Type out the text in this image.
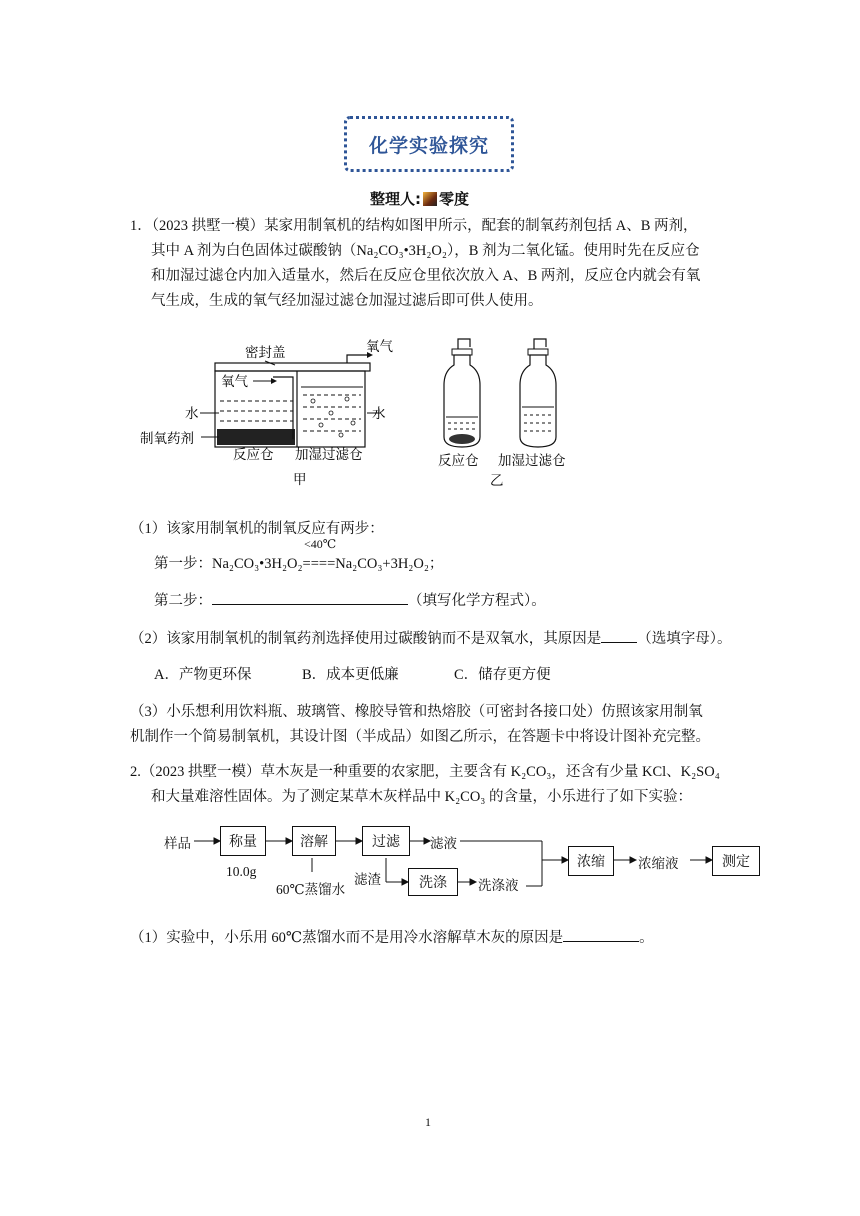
化学实验探究
整理人: 零度
1．（2023 拱墅一模）某家用制氧机的结构如图甲所示，配套的制氧药剂包括 A、B 两剂，
其中 A 剂为白色固体过碳酸钠（Na₂CO₃•3H₂O₂），B 剂为二氧化锰。使用时先在反应仓
和加湿过滤仓内加入适量水，然后在反应仓里依次放入 A、B 两剂，反应仓内就会有氧
气生成，生成的氧气经加湿过滤仓加湿过滤后即可供人使用。
密封盖	氧气
氧气
水	水
制氧药剂
反应仓 加湿过滤仓
甲
反应仓 加湿过滤仓
乙
（1）该家用制氧机的制氧反应有两步：
<40℃
第一步：Na₂CO₃•3H₂O₂====Na₂CO₃+3H₂O₂；
第二步：	（填写化学方程式）。
（2）该家用制氧机的制氧药剂选择使用过碳酸钠而不是双氧水，其原因是 （选填字母）。
A．产物更环保	B．成本更低廉	C．储存更方便
（3）小乐想利用饮料瓶、玻璃管、橡胶导管和热熔胶（可密封各接口处）仿照该家用制氧
机制作一个简易制氧机，其设计图（半成品）如图乙所示，在答题卡中将设计图补充完整。
2.（2023 拱墅一模）草木灰是一种重要的农家肥，主要含有 K₂CO₃，还含有少量 KCl、K₂SO₄
和大量难溶性固体。为了测定某草木灰样品中 K₂CO₃ 的含量，小乐进行了如下实验：
样品	称量
10.0g
溶解
60℃蒸馏水
过滤 滤液
滤渣	洗涤 洗涤液
浓缩 浓缩液	测定
（1）实验中，小乐用 60℃蒸馏水而不是用冷水溶解草木灰的原因是	。
1
